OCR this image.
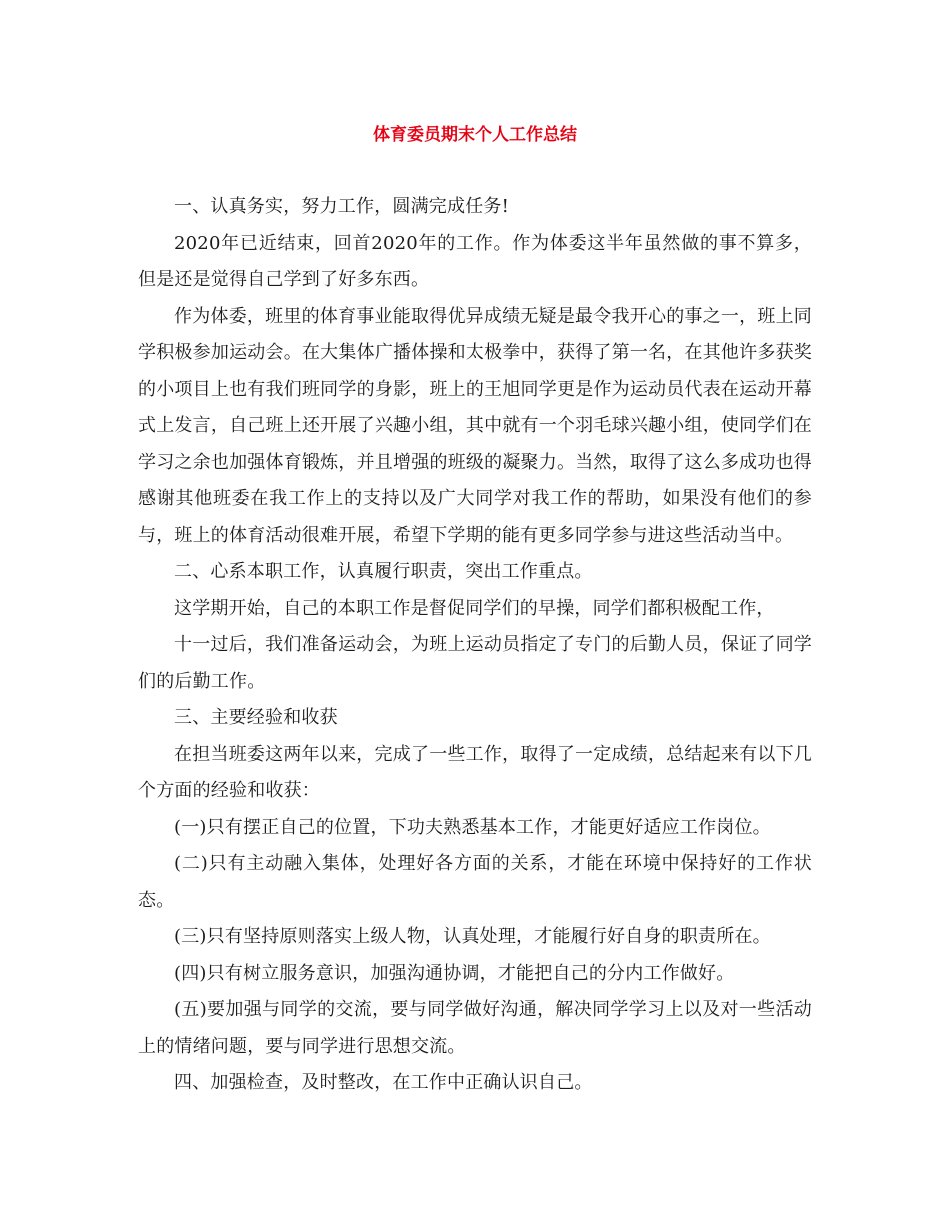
体育委员期末个人工作总结

一、认真务实，努力工作，圆满完成任务!

2020年已近结束，回首2020年的工作。作为体委这半年虽然做的事不算多，但是还是觉得自己学到了好多东西。

作为体委，班里的体育事业能取得优异成绩无疑是最令我开心的事之一，班上同学积极参加运动会。在大集体广播体操和太极拳中，获得了第一名，在其他许多获奖的小项目上也有我们班同学的身影，班上的王旭同学更是作为运动员代表在运动开幕式上发言，自己班上还开展了兴趣小组，其中就有一个羽毛球兴趣小组，使同学们在学习之余也加强体育锻炼，并且增强的班级的凝聚力。当然，取得了这么多成功也得感谢其他班委在我工作上的支持以及广大同学对我工作的帮助，如果没有他们的参与，班上的体育活动很难开展，希望下学期的能有更多同学参与进这些活动当中。

二、心系本职工作，认真履行职责，突出工作重点。

这学期开始，自己的本职工作是督促同学们的早操，同学们都积极配工作，

十一过后，我们准备运动会，为班上运动员指定了专门的后勤人员，保证了同学们的后勤工作。

三、主要经验和收获

在担当班委这两年以来，完成了一些工作，取得了一定成绩，总结起来有以下几个方面的经验和收获：

(一)只有摆正自己的位置，下功夫熟悉基本工作，才能更好适应工作岗位。

(二)只有主动融入集体，处理好各方面的关系，才能在环境中保持好的工作状态。

(三)只有坚持原则落实上级人物，认真处理，才能履行好自身的职责所在。

(四)只有树立服务意识，加强沟通协调，才能把自己的分内工作做好。

(五)要加强与同学的交流，要与同学做好沟通，解决同学学习上以及对一些活动上的情绪问题，要与同学进行思想交流。

四、加强检查，及时整改，在工作中正确认识自己。
